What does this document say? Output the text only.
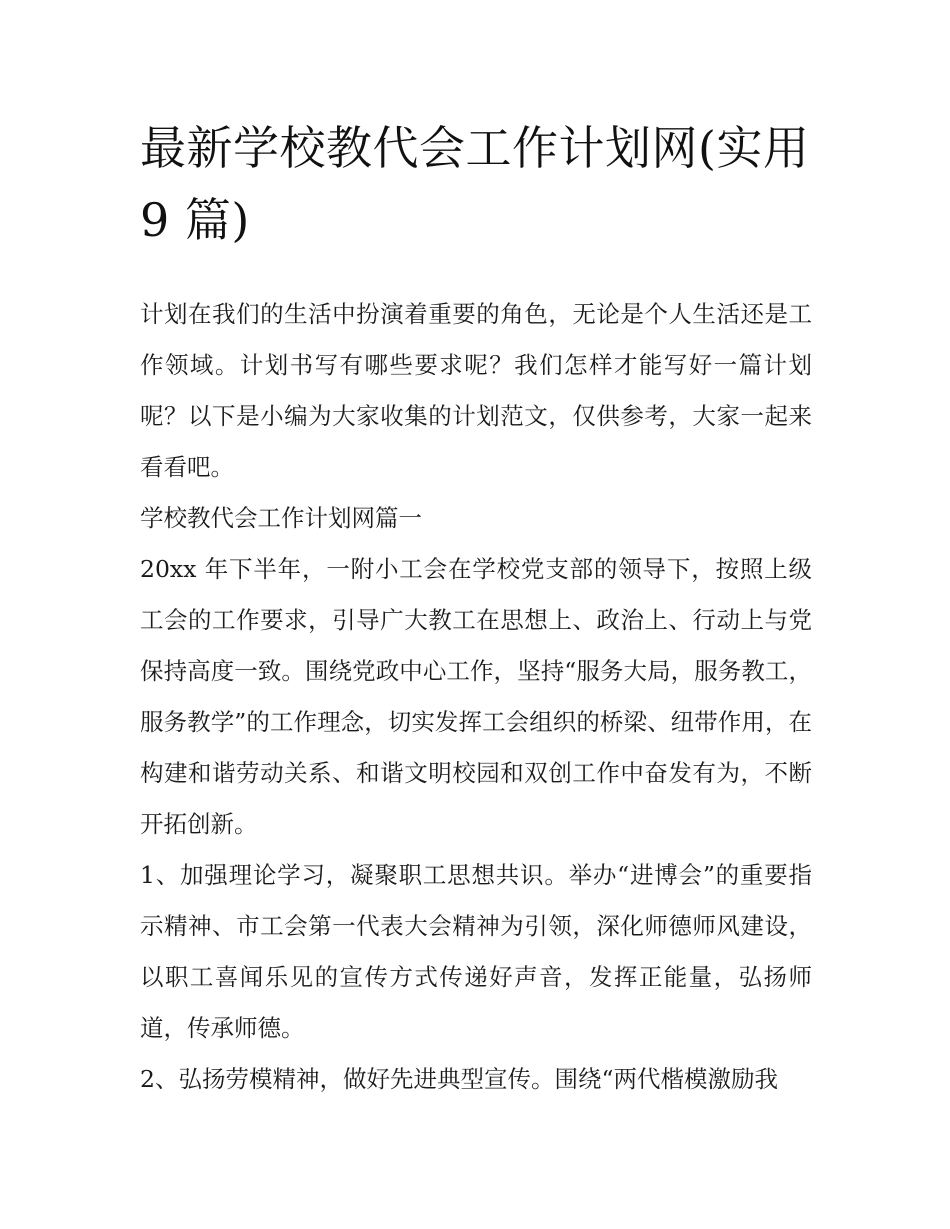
最新学校教代会工作计划网(实用 9 篇)

计划在我们的生活中扮演着重要的角色，无论是个人生活还是工作领域。计划书写有哪些要求呢？我们怎样才能写好一篇计划呢？以下是小编为大家收集的计划范文，仅供参考，大家一起来看看吧。

学校教代会工作计划网篇一

20xx 年下半年，一附小工会在学校党支部的领导下，按照上级工会的工作要求，引导广大教工在思想上、政治上、行动上与党保持高度一致。围绕党政中心工作，坚持“服务大局，服务教工，服务教学”的工作理念，切实发挥工会组织的桥梁、纽带作用，在构建和谐劳动关系、和谐文明校园和双创工作中奋发有为，不断开拓创新。

1、加强理论学习，凝聚职工思想共识。举办“进博会”的重要指示精神、市工会第一代表大会精神为引领，深化师德师风建设，以职工喜闻乐见的宣传方式传递好声音，发挥正能量，弘扬师道，传承师德。

2、弘扬劳模精神，做好先进典型宣传。围绕“两代楷模激励我
